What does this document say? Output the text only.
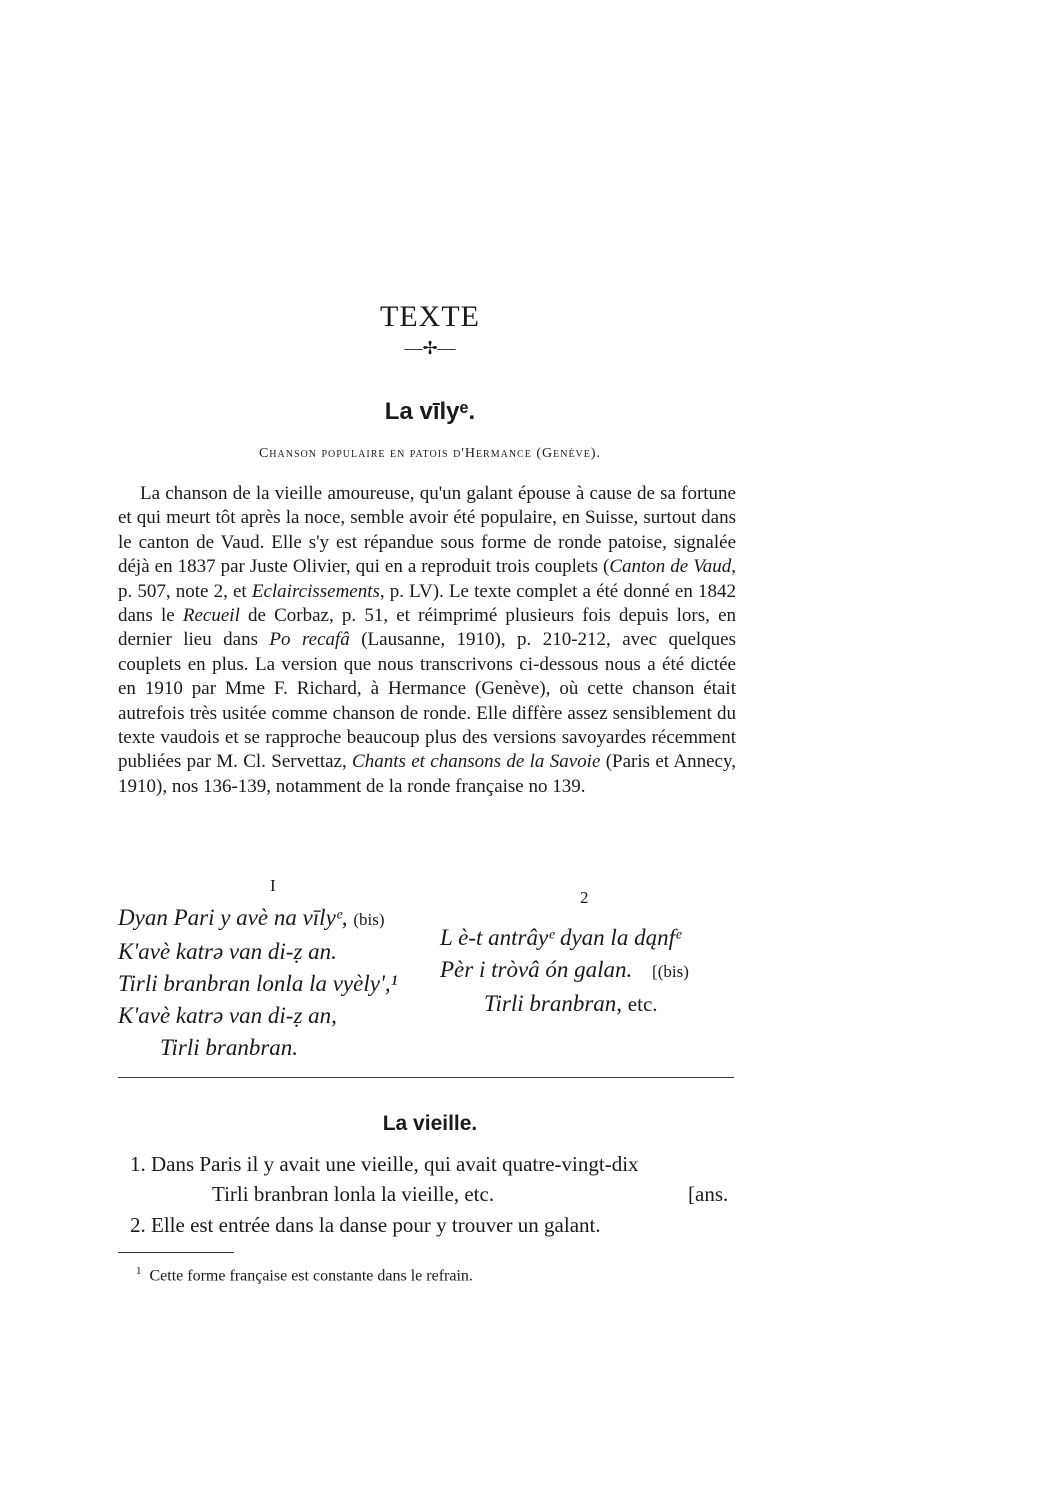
TEXTE
—✢—
La vīlyᵉ.
Chanson populaire en patois d'Hermance (Genève).

La chanson de la vieille amoureuse, qu'un galant épouse à cause de sa fortune et qui meurt tôt après la noce, semble avoir été populaire, en Suisse, surtout dans le canton de Vaud. Elle s'y est répandue sous forme de ronde patoise, signalée déjà en 1837 par Juste Olivier, qui en a reproduit trois couplets (Canton de Vaud, p. 507, note 2, et Eclaircissements, p. LV). Le texte complet a été donné en 1842 dans le Recueil de Corbaz, p. 51, et réimprimé plusieurs fois depuis lors, en dernier lieu dans Po recafâ (Lausanne, 1910), p. 210-212, avec quelques couplets en plus. La version que nous transcrivons ci-dessous nous a été dictée en 1910 par Mme F. Richard, à Hermance (Genève), où cette chanson était autrefois très usitée comme chanson de ronde. Elle diffère assez sensiblement du texte vaudois et se rapproche beaucoup plus des versions savoyardes récemment publiées par M. Cl. Servettaz, Chants et chansons de la Savoie (Paris et Annecy, 1910), nos 136-139, notamment de la ronde française no 139.

I
Dyan Pari y avè na vīlyᵉ, (bis)
K'avè katrə van di-ẓ an.
Tirli branbran lonla la vyèly',¹
K'avè katrə van di-ẓ an,
Tirli branbran.
2
L è-t antrâyᵉ dyan la dąnfᵉ
Pèr i tròvâ ón galan. [(bis)
Tirli branbran, etc.
La vieille.
1. Dans Paris il y avait une vieille, qui avait quatre-vingt-dix
Tirli branbran lonla la vieille, etc.	[ans.
2. Elle est entrée dans la danse pour y trouver un galant.
$^1$ Cette forme française est constante dans le refrain.
